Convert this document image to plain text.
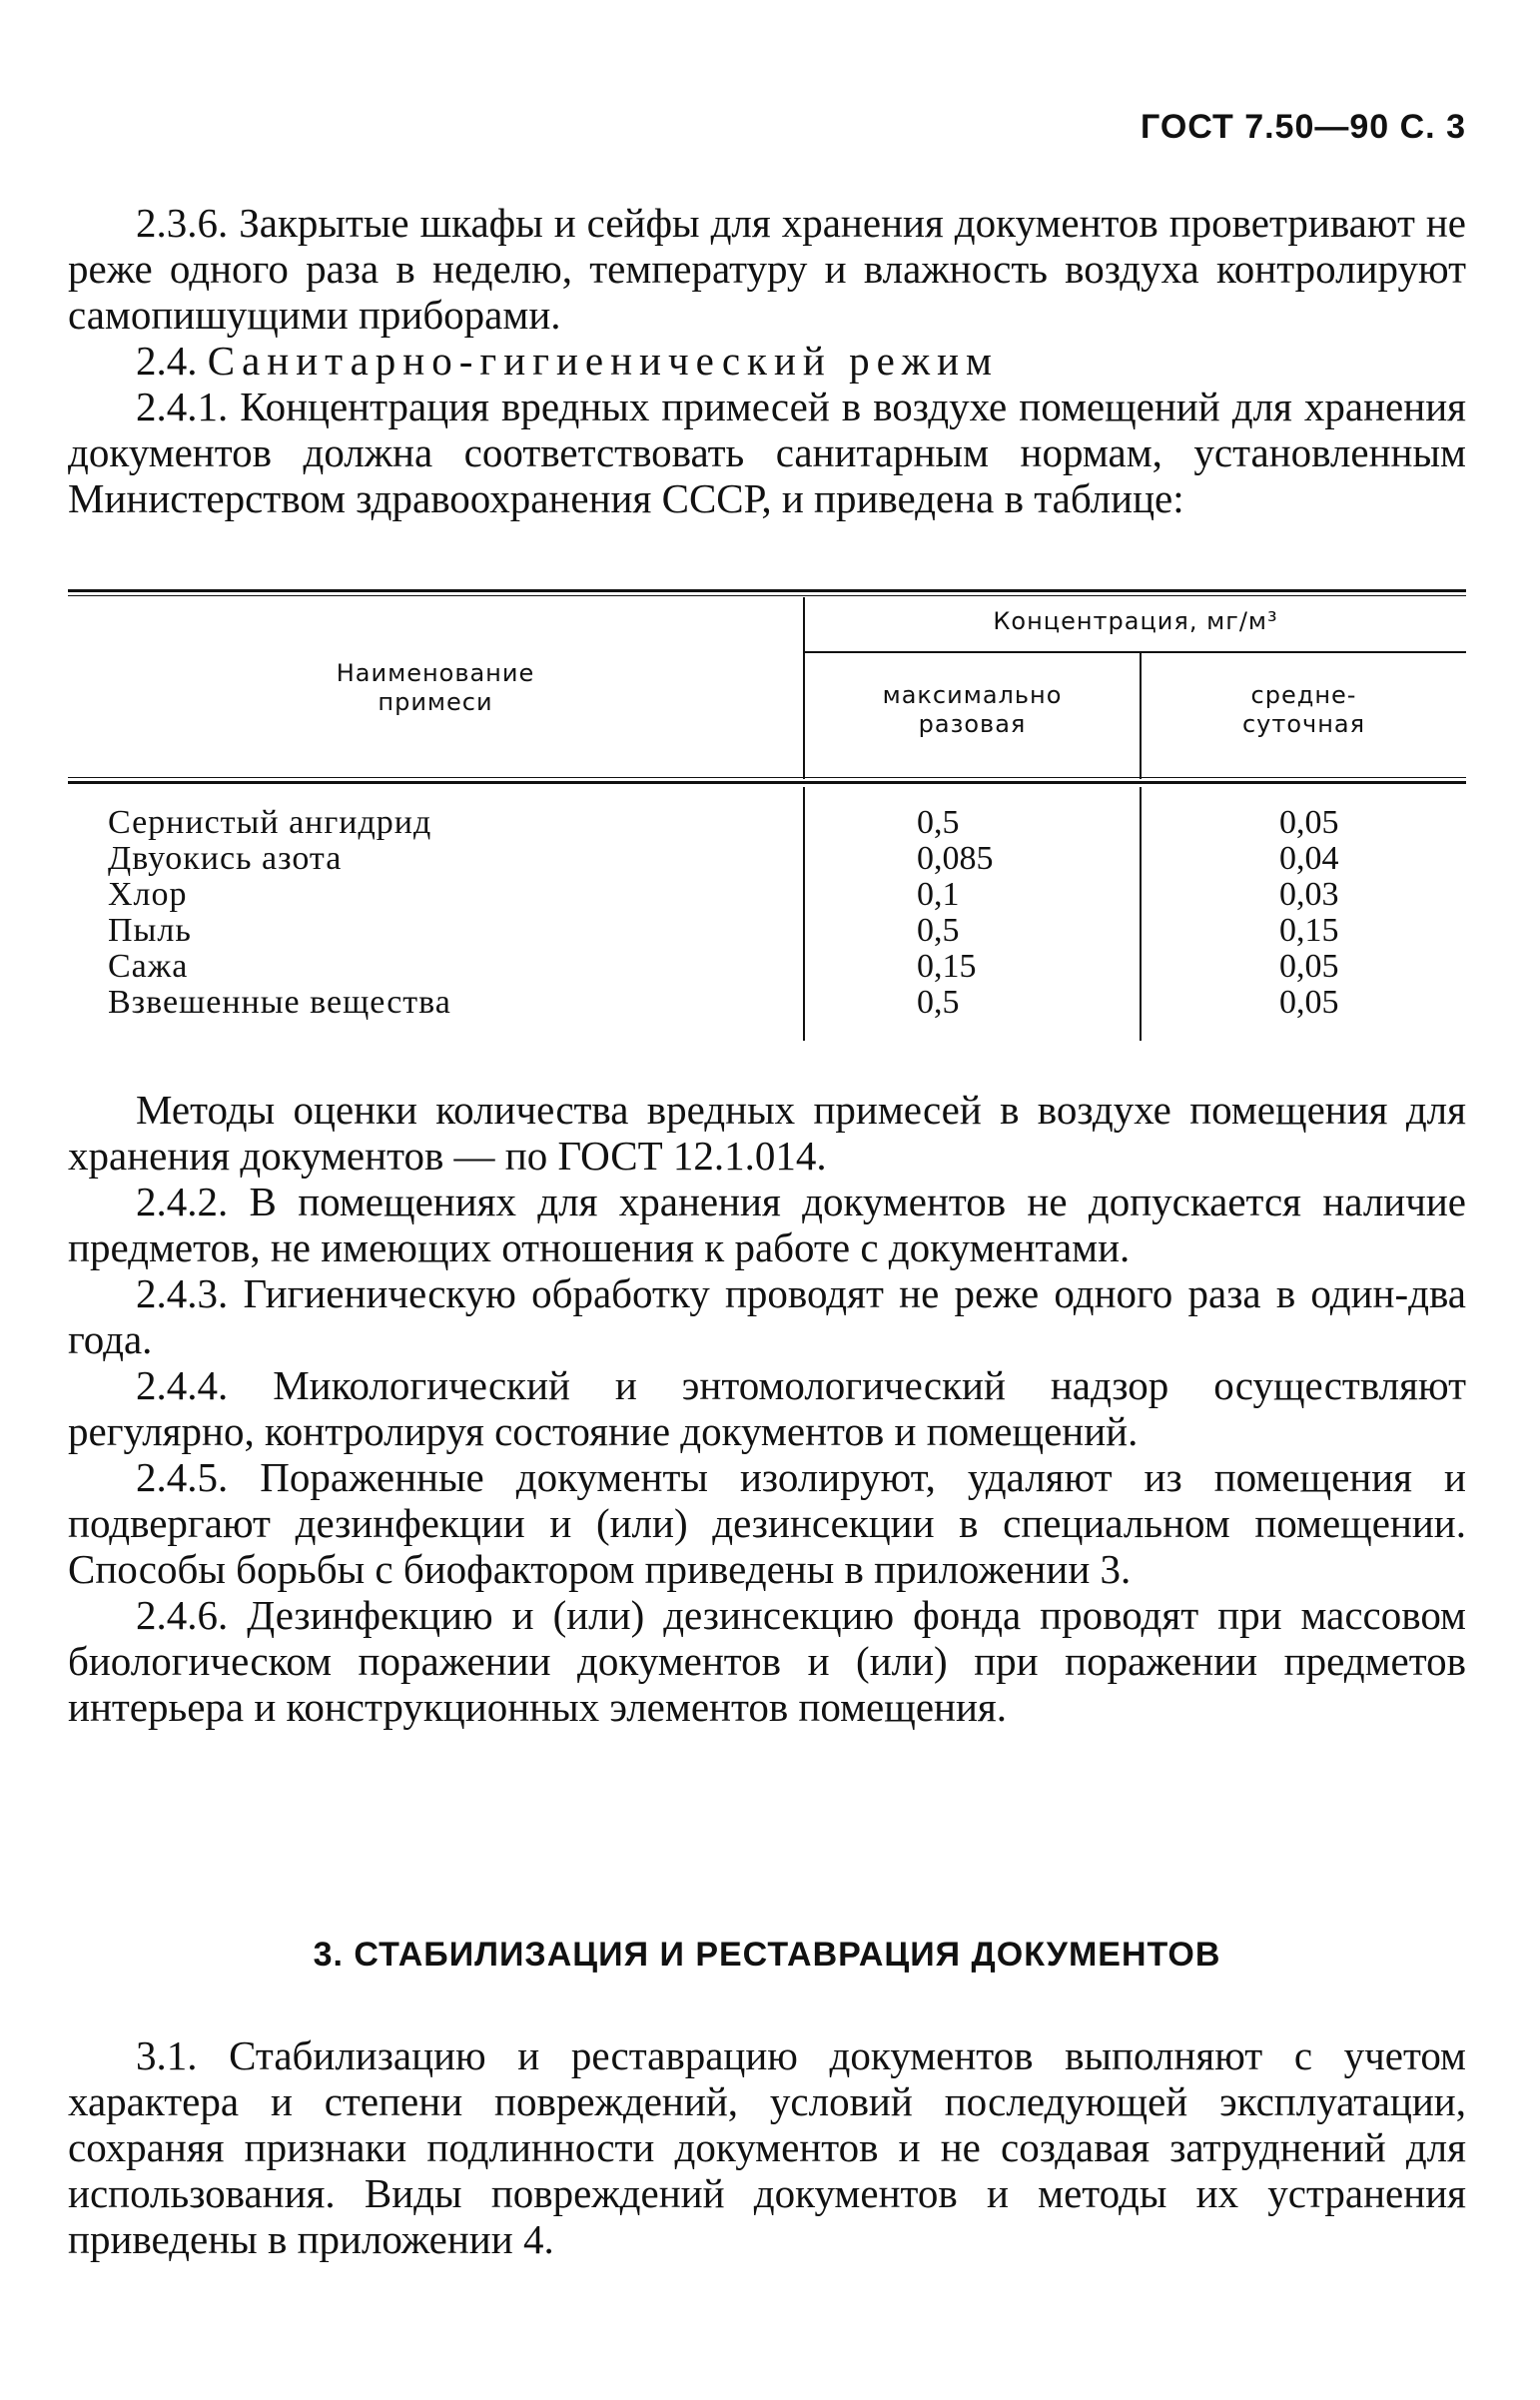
ГОСТ 7.50—90 С. 3

2.3.6. Закрытые шкафы и сейфы для хранения документов проветривают не реже одного раза в неделю, температуру и влажность воздуха контролируют самопишущими приборами.

2.4. Санитарно-гигиенический режим

2.4.1. Концентрация вредных примесей в воздухе помещений для хранения документов должна соответствовать санитарным нормам, установленным Министерством здравоохранения СССР, и приведена в таблице:

Наименование
примеси
Концентрация, мг/м³
максимально
разовая
средне-
суточная
Сернистый ангидрид
Двуокись азота
Хлор
Пыль
Сажа
Взвешенные вещества
0,5
0,085
0,1
0,5
0,15
0,5
0,05
0,04
0,03
0,15
0,05
0,05

Методы оценки количества вредных примесей в воздухе помещения для хранения документов — по ГОСТ 12.1.014.

2.4.2. В помещениях для хранения документов не допускается наличие предметов, не имеющих отношения к работе с документами.

2.4.3. Гигиеническую обработку проводят не реже одного раза в один-два года.

2.4.4. Микологический и энтомологический надзор осуществляют регулярно, контролируя состояние документов и помещений.

2.4.5. Пораженные документы изолируют, удаляют из помещения и подвергают дезинфекции и (или) дезинсекции в специальном помещении. Способы борьбы с биофактором приведены в приложении 3.

2.4.6. Дезинфекцию и (или) дезинсекцию фонда проводят при массовом биологическом поражении документов и (или) при поражении предметов интерьера и конструкционных элементов помещения.

3. СТАБИЛИЗАЦИЯ И РЕСТАВРАЦИЯ ДОКУМЕНТОВ

3.1. Стабилизацию и реставрацию документов выполняют с учетом характера и степени повреждений, условий последующей эксплуатации, сохраняя признаки подлинности документов и не создавая затруднений для использования. Виды повреждений документов и методы их устранения приведены в приложении 4.
